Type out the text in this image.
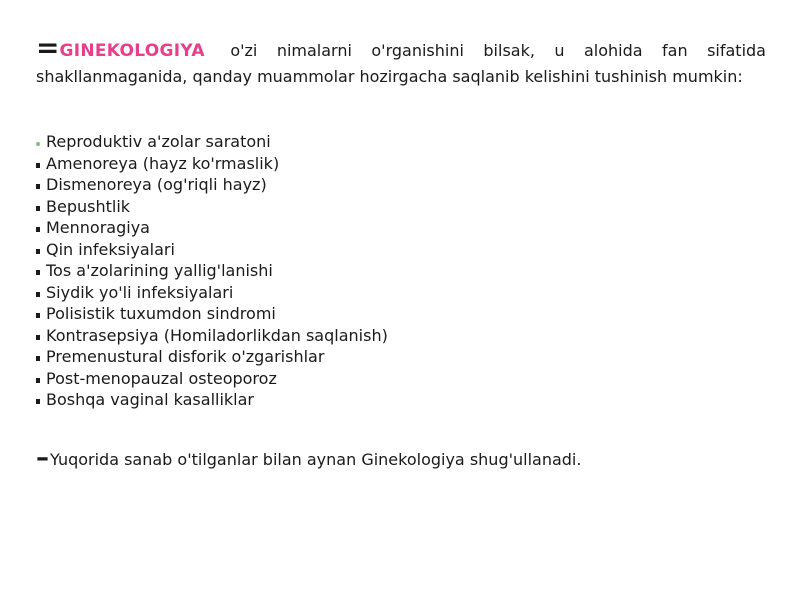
=GINEKOLOGIYA o'zi nimalarni o'rganishini bilsak, u alohida fan sifatida shakllanmaganida, qanday muammolar hozirgacha saqlanib kelishini tushinish mumkin:

Reproduktiv a'zolar saratoni
Amenoreya (hayz ko'rmaslik)
Dismenoreya (og'riqli hayz)
Bepushtlik
Mennoragiya
Qin infeksiyalari
Tos a'zolarining yallig'lanishi
Siydik yo'li infeksiyalari
Polisistik tuxumdon sindromi
Kontrasepsiya (Homiladorlikdan saqlanish)
Premenustural disforik o'zgarishlar
Post-menopauzal osteoporoz
Boshqa vaginal kasalliklar

–Yuqorida sanab o'tilganlar bilan aynan Ginekologiya shug'ullanadi.
